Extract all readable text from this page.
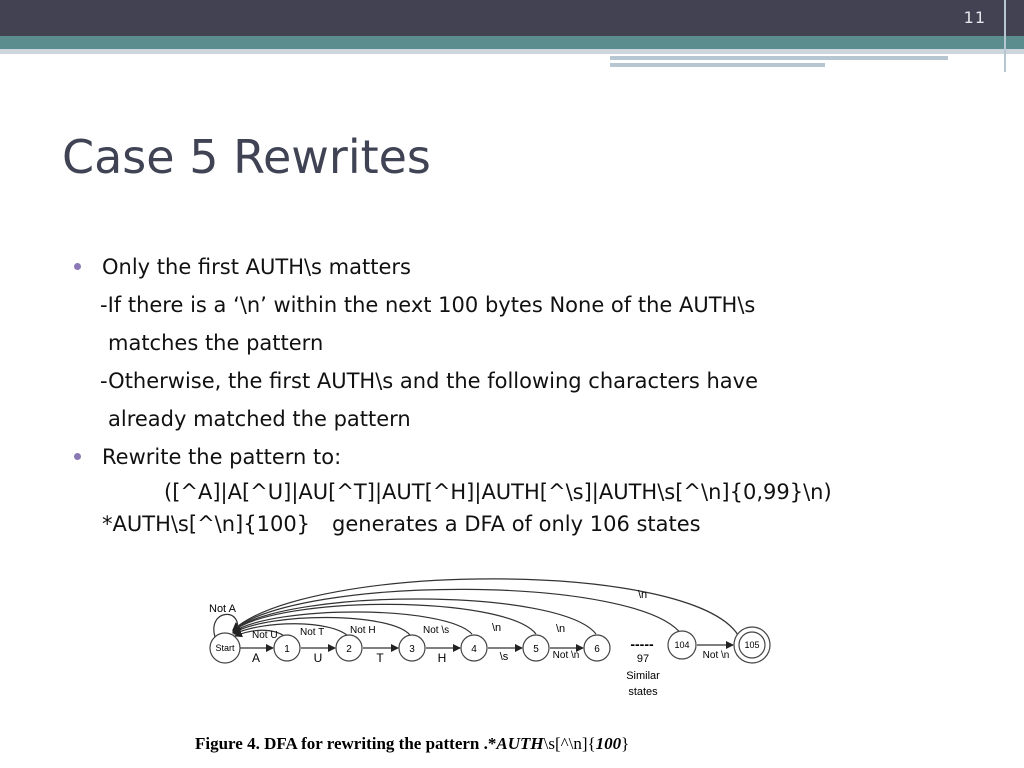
11
Case 5 Rewrites
Only the first AUTH\s matters
-If there is a ‘\n’ within the next 100 bytes None of the AUTH\s
matches the pattern
-Otherwise, the first AUTH\s and the following characters have
already matched the pattern
Rewrite the pattern to:
([^A]|A[^U]|AU[^T]|AUT[^H]|AUTH[^\s]|AUTH\s[^\n]{0,99}\n)
*AUTH\s[^\n]{100} generates a DFA of only 106 states
Start	1	2	3	4	5	6	104	105
A	U	T	H	\s	Not \n	Not \n
Not A
Not U Not T	Not H	Not \s	\n	\n
\n
-----
97
Similar
states
Figure 4. DFA for rewriting the pattern .*AUTH\s[^\n]{100}
